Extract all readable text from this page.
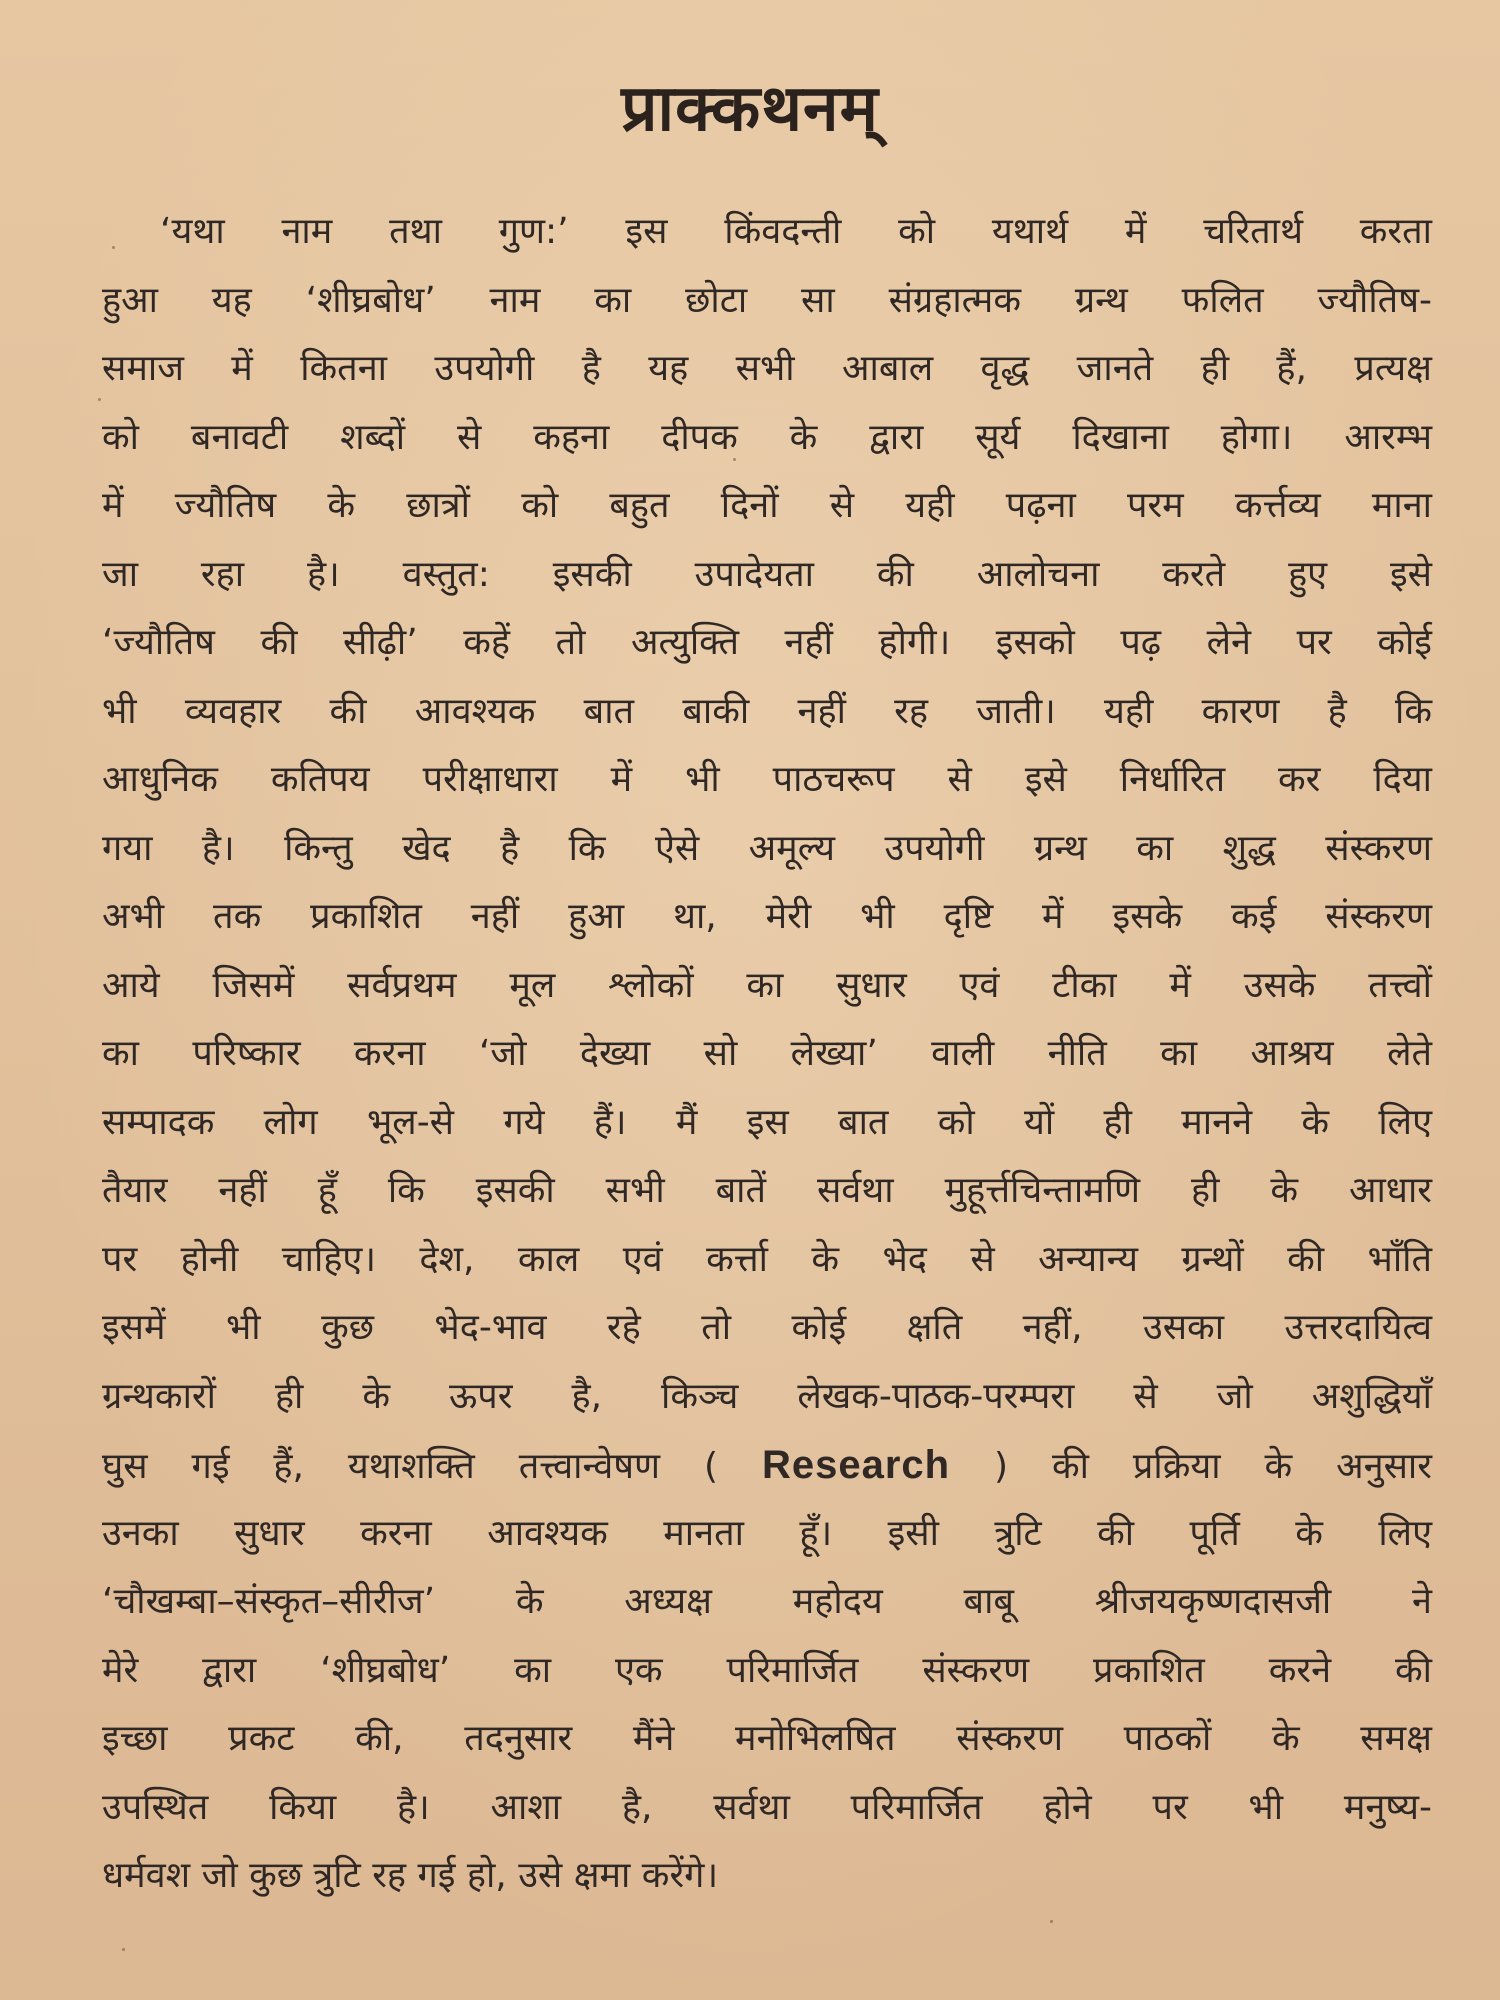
प्राक्कथनम्
‘यथा नाम तथा गुण:’ इस किंवदन्ती को यथार्थ में चरितार्थ करता
हुआ यह ‘शीघ्रबोध’ नाम का छोटा सा संग्रहात्मक ग्रन्थ फलित ज्यौतिष-
समाज में कितना उपयोगी है यह सभी आबाल वृद्ध जानते ही हैं, प्रत्यक्ष
को बनावटी शब्दों से कहना दीपक के द्वारा सूर्य दिखाना होगा। आरम्भ
में ज्यौतिष के छात्रों को बहुत दिनों से यही पढ़ना परम कर्त्तव्य माना
जा रहा है। वस्तुत: इसकी उपादेयता की आलोचना करते हुए इसे
‘ज्यौतिष की सीढ़ी’ कहें तो अत्युक्ति नहीं होगी। इसको पढ़ लेने पर कोई
भी व्यवहार की आवश्यक बात बाकी नहीं रह जाती। यही कारण है कि
आधुनिक कतिपय परीक्षाधारा में भी पाठचरूप से इसे निर्धारित कर दिया
गया है। किन्तु खेद है कि ऐसे अमूल्य उपयोगी ग्रन्थ का शुद्ध संस्करण
अभी तक प्रकाशित नहीं हुआ था, मेरी भी दृष्टि में इसके कई संस्करण
आये जिसमें सर्वप्रथम मूल श्लोकों का सुधार एवं टीका में उसके तत्त्वों
का परिष्कार करना ‘जो देख्या सो लेख्या’ वाली नीति का आश्रय लेते
सम्पादक लोग भूल-से गये हैं। मैं इस बात को यों ही मानने के लिए
तैयार नहीं हूँ कि इसकी सभी बातें सर्वथा मुहूर्त्तचिन्तामणि ही के आधार
पर होनी चाहिए। देश, काल एवं कर्त्ता के भेद से अन्यान्य ग्रन्थों की भाँति
इसमें भी कुछ भेद-भाव रहे तो कोई क्षति नहीं, उसका उत्तरदायित्व
ग्रन्थकारों ही के ऊपर है, किञ्च लेखक-पाठक-परम्परा से जो अशुद्धियाँ
घुस गई हैं, यथाशक्ति तत्त्वान्वेषण ( Research ) की प्रक्रिया के अनुसार
उनका सुधार करना आवश्यक मानता हूँ। इसी त्रुटि की पूर्ति के लिए
‘चौखम्बा–संस्कृत–सीरीज’ के अध्यक्ष महोदय बाबू श्रीजयकृष्णदासजी ने
मेरे द्वारा ‘शीघ्रबोध’ का एक परिमार्जित संस्करण प्रकाशित करने की
इच्छा प्रकट की, तदनुसार मैंने मनोभिलषित संस्करण पाठकों के समक्ष
उपस्थित किया है। आशा है, सर्वथा परिमार्जित होने पर भी मनुष्य-
धर्मवश जो कुछ त्रुटि रह गई हो, उसे क्षमा करेंगे।
